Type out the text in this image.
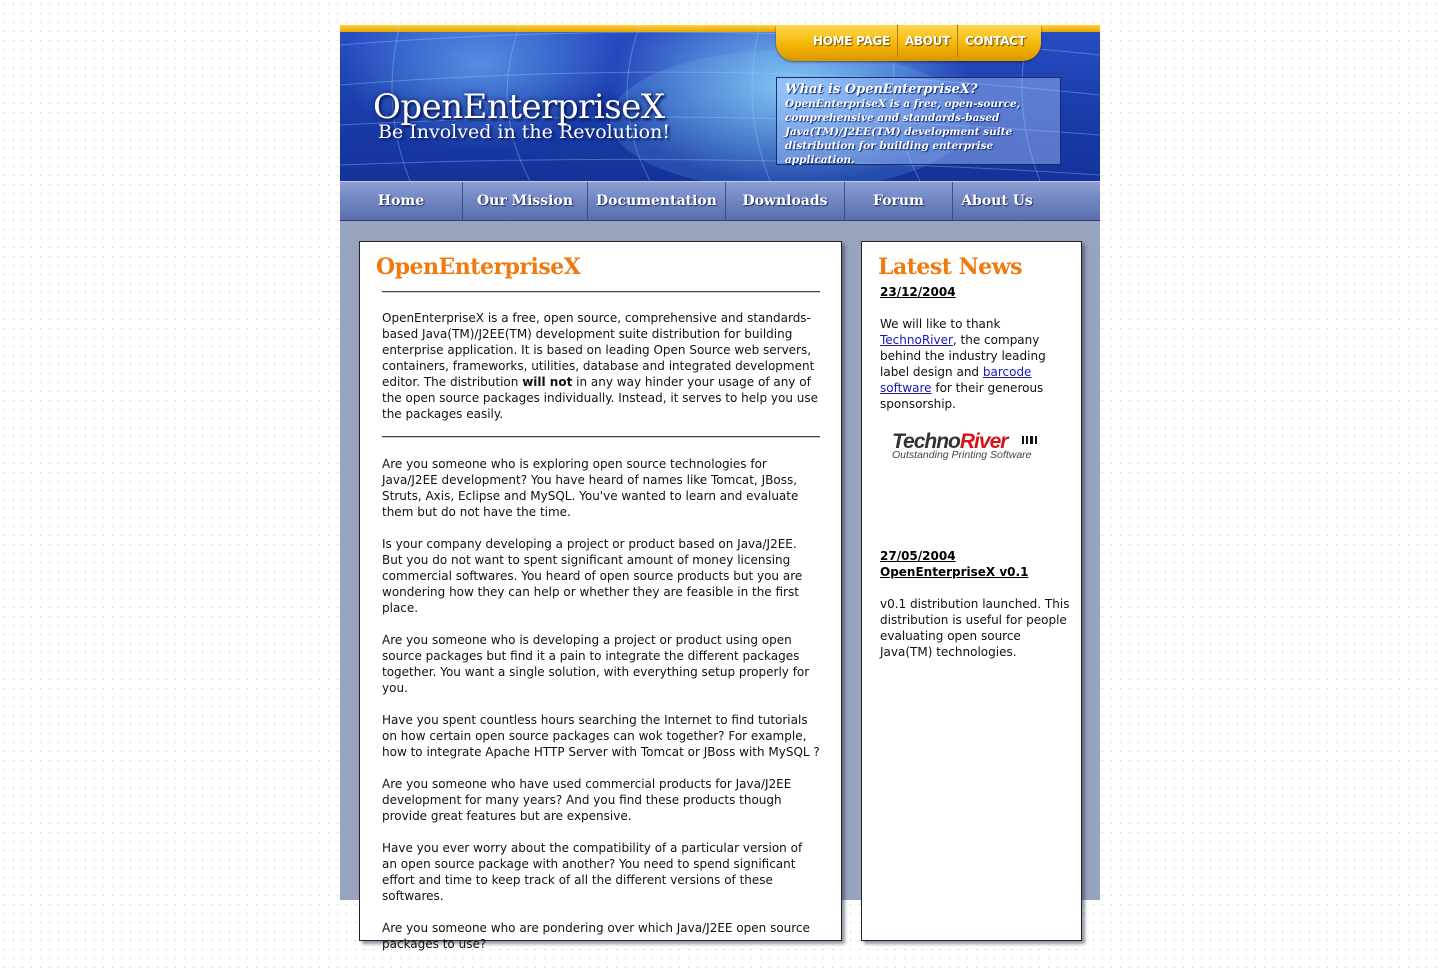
OpenEnterpriseX
Be Involved in the Revolution!
HOME PAGE	ABOUT	CONTACT
What is OpenEnterpriseX?
OpenEnterpriseX is a free, open-source, comprehensive and standards-based Java(TM)/J2EE(TM) development suite distribution for building enterprise application.
Home	Our Mission	Documentation	Downloads	Forum	About Us
OpenEnterpriseX
OpenEnterpriseX is a free, open source, comprehensive and standards-based Java(TM)/J2EE(TM) development suite distribution for building enterprise application. It is based on leading Open Source web servers, containers, frameworks, utilities, database and integrated development editor. The distribution will not in any way hinder your usage of any of the open source packages individually. Instead, it serves to help you use the packages easily.

Are you someone who is exploring open source technologies for Java/J2EE development? You have heard of names like Tomcat, JBoss, Struts, Axis, Eclipse and MySQL. You've wanted to learn and evaluate them but do not have the time.

Is your company developing a project or product based on Java/J2EE. But you do not want to spent significant amount of money licensing commercial softwares. You heard of open source products but you are wondering how they can help or whether they are feasible in the first place.

Are you someone who is developing a project or product using open source packages but find it a pain to integrate the different packages together. You want a single solution, with everything setup properly for you.

Have you spent countless hours searching the Internet to find tutorials on how certain open source packages can wok together? For example, how to integrate Apache HTTP Server with Tomcat or JBoss with MySQL ?

Are you someone who have used commercial products for Java/J2EE development for many years? And you find these products though provide great features but are expensive.

Have you ever worry about the compatibility of a particular version of an open source package with another? You need to spend significant effort and time to keep track of all the different versions of these softwares.

Are you someone who are pondering over which Java/J2EE open source packages to use?

Latest News
23/12/2004
We will like to thank TechnoRiver, the company behind the industry leading label design and barcode software for their generous sponsorship.
TechnoRiver
Outstanding Printing Software
27/05/2004
OpenEnterpriseX v0.1
v0.1 distribution launched. This distribution is useful for people evaluating open source Java(TM) technologies.
